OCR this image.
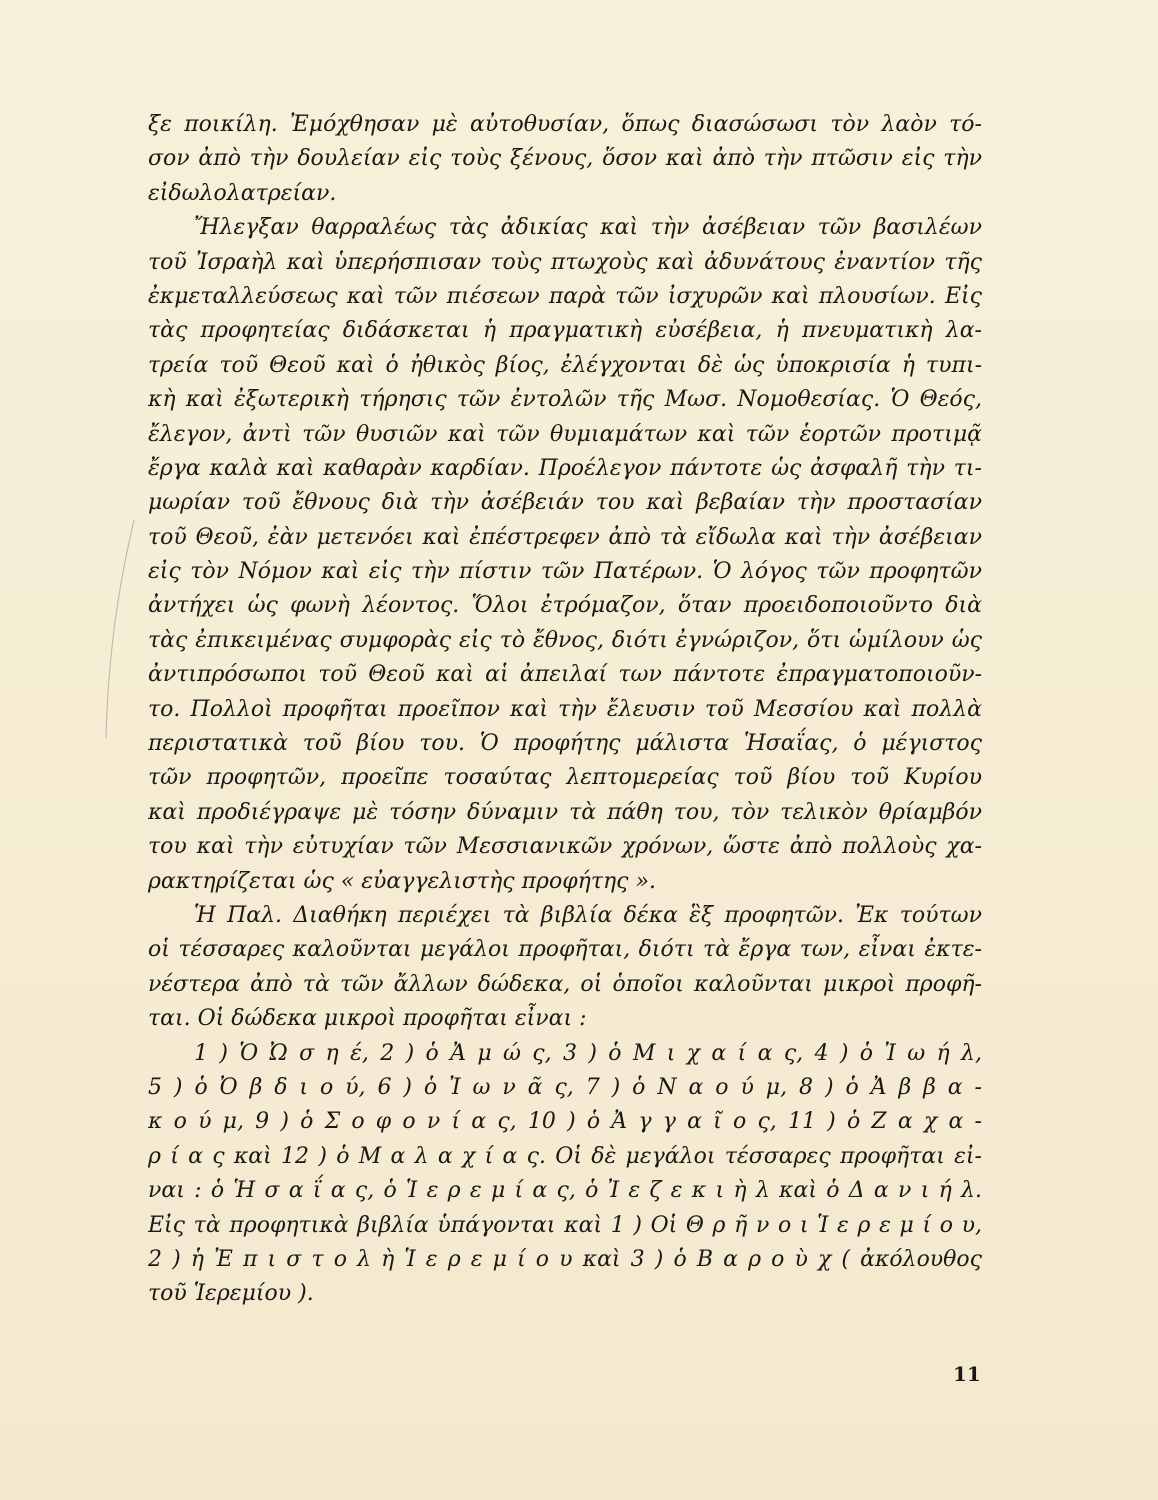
ξε ποικίλη. Ἐμόχθησαν μὲ αὐτοθυσίαν, ὅπως διασώσωσι τὸν λαὸν τό-
σον ἀπὸ τὴν δουλείαν εἰς τοὺς ξένους, ὅσον καὶ ἀπὸ τὴν πτῶσιν εἰς τὴν
εἰδωλολατρείαν.
Ἤλεγξαν θαρραλέως τὰς ἀδικίας καὶ τὴν ἀσέβειαν τῶν βασιλέων
τοῦ Ἰσραὴλ καὶ ὑπερήσπισαν τοὺς πτωχοὺς καὶ ἀδυνάτους ἐναντίον τῆς
ἐκμεταλλεύσεως καὶ τῶν πιέσεων παρὰ τῶν ἰσχυρῶν καὶ πλουσίων. Εἰς
τὰς προφητείας διδάσκεται ἡ πραγματικὴ εὐσέβεια, ἡ πνευματικὴ λα-
τρεία τοῦ Θεοῦ καὶ ὁ ἠθικὸς βίος, ἐλέγχονται δὲ ὡς ὑποκρισία ἡ τυπι-
κὴ καὶ ἐξωτερικὴ τήρησις τῶν ἐντολῶν τῆς Μωσ. Νομοθεσίας. Ὁ Θεός,
ἔλεγον, ἀντὶ τῶν θυσιῶν καὶ τῶν θυμιαμάτων καὶ τῶν ἑορτῶν προτιμᾷ
ἔργα καλὰ καὶ καθαρὰν καρδίαν. Προέλεγον πάντοτε ὡς ἀσφαλῆ τὴν τι-
μωρίαν τοῦ ἔθνους διὰ τὴν ἀσέβειάν του καὶ βεβαίαν τὴν προστασίαν
τοῦ Θεοῦ, ἐὰν μετενόει καὶ ἐπέστρεφεν ἀπὸ τὰ εἴδωλα καὶ τὴν ἀσέβειαν
εἰς τὸν Νόμον καὶ εἰς τὴν πίστιν τῶν Πατέρων. Ὁ λόγος τῶν προφητῶν
ἀντήχει ὡς φωνὴ λέοντος. Ὅλοι ἐτρόμαζον, ὅταν προειδοποιοῦντο διὰ
τὰς ἐπικειμένας συμφορὰς εἰς τὸ ἔθνος, διότι ἐγνώριζον, ὅτι ὡμίλουν ὡς
ἀντιπρόσωποι τοῦ Θεοῦ καὶ αἱ ἀπειλαί των πάντοτε ἐπραγματοποιοῦν-
το. Πολλοὶ προφῆται προεῖπον καὶ τὴν ἔλευσιν τοῦ Μεσσίου καὶ πολλὰ
περιστατικὰ τοῦ βίου του. Ὁ προφήτης μάλιστα Ἡσαΐας, ὁ μέγιστος
τῶν προφητῶν, προεῖπε τοσαύτας λεπτομερείας τοῦ βίου τοῦ Κυρίου
καὶ προδιέγραψε μὲ τόσην δύναμιν τὰ πάθη του, τὸν τελικὸν θρίαμβόν
του καὶ τὴν εὐτυχίαν τῶν Μεσσιανικῶν χρόνων, ὥστε ἀπὸ πολλοὺς χα-
ρακτηρίζεται ὡς « εὐαγγελιστὴς προφήτης ».
Ἡ Παλ. Διαθήκη περιέχει τὰ βιβλία δέκα ἓξ προφητῶν. Ἐκ τούτων
οἱ τέσσαρες καλοῦνται μεγάλοι προφῆται, διότι τὰ ἔργα των, εἶναι ἐκτε-
νέστερα ἀπὸ τὰ τῶν ἄλλων δώδεκα, οἱ ὁποῖοι καλοῦνται μικροὶ προφῆ-
ται. Οἱ δώδεκα μικροὶ προφῆται εἶναι :
1 ) Ὁ Ὠ σ η έ, 2 ) ὁ Ἀ μ ώ ς, 3 ) ὁ Μ ι χ α ί α ς, 4 ) ὁ Ἰ ω ή λ,
5 ) ὁ Ὀ β δ ι ο ύ, 6 ) ὁ Ἰ ω ν ᾶ ς, 7 ) ὁ Ν α ο ύ μ, 8 ) ὁ Ἀ β β α -
κ ο ύ μ, 9 ) ὁ Σ ο φ ο ν ί α ς, 10 ) ὁ Ἀ γ γ α ῖ ο ς, 11 ) ὁ Ζ α χ α -
ρ ί α ς καὶ 12 ) ὁ Μ α λ α χ ί α ς. Οἱ δὲ μεγάλοι τέσσαρες προφῆται εἰ-
ναι : ὁ Ἡ σ α ΐ α ς, ὁ Ἱ ε ρ ε μ ί α ς, ὁ Ἰ ε ζ ε κ ι ὴ λ καὶ ὁ Δ α ν ι ή λ.
Εἰς τὰ προφητικὰ βιβλία ὑπάγονται καὶ 1 ) Οἱ Θ ρ ῆ ν ο ι Ἱ ε ρ ε μ ί ο υ,
2 ) ἡ Ἐ π ι σ τ ο λ ὴ Ἱ ε ρ ε μ ί ο υ καὶ 3 ) ὁ Β α ρ ο ὺ χ ( ἀκόλουθος
τοῦ Ἱερεμίου ).
11
